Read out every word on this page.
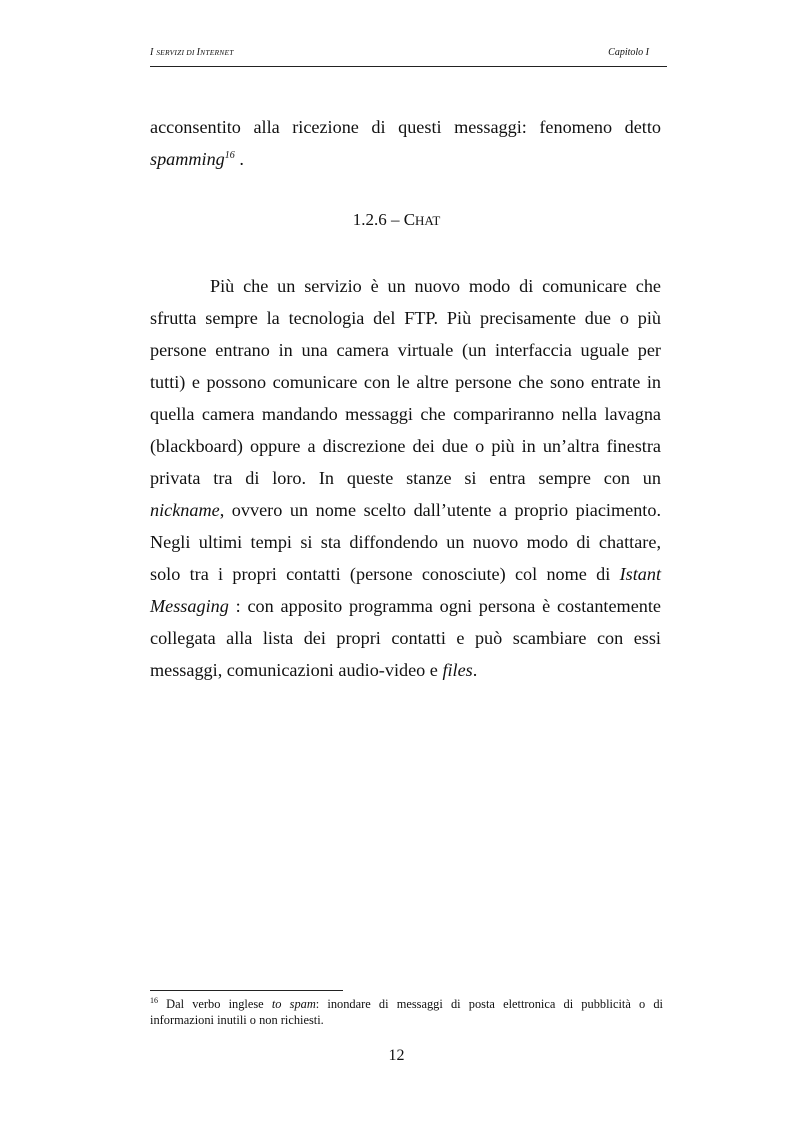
I SERVIZI DI INTERNET	Capitolo I
acconsentito alla ricezione di questi messaggi: fenomeno detto
spamming$^{16}$ .
1.2.6 – CHAT
Più che un servizio è un nuovo modo di comunicare che
sfrutta sempre la tecnologia del FTP. Più precisamente due o più
persone entrano in una camera virtuale (un interfaccia uguale per
tutti) e possono comunicare con le altre persone che sono entrate in
quella camera mandando messaggi che compariranno nella lavagna
(blackboard) oppure a discrezione dei due o più in un’altra finestra
privata tra di loro. In queste stanze si entra sempre con un
nickname, ovvero un nome scelto dall’utente a proprio piacimento.
Negli ultimi tempi si sta diffondendo un nuovo modo di chattare,
solo tra i propri contatti (persone conosciute) col nome di Istant
Messaging : con apposito programma ogni persona è costantemente
collegata alla lista dei propri contatti e può scambiare con essi
messaggi, comunicazioni audio-video e files.
$^{16}$ Dal verbo inglese to spam: inondare di messaggi di posta elettronica di pubblicità o di
informazioni inutili o non richiesti.
12
